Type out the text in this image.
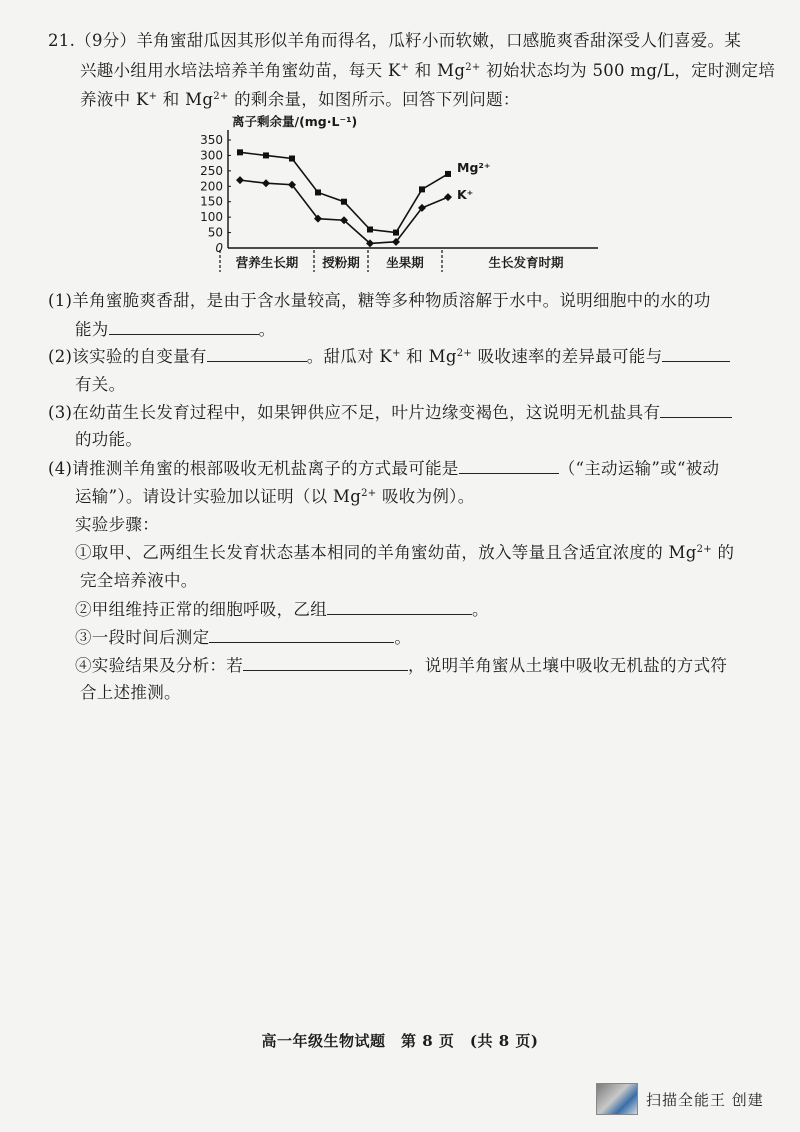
21.（9分）羊角蜜甜瓜因其形似羊角而得名，瓜籽小而软嫩，口感脆爽香甜深受人们喜爱。某
兴趣小组用水培法培养羊角蜜幼苗，每天 K+ 和 $Mg^{2+}$ 初始状态均为 500 mg/L，定时测定培
养液中 K+ 和 $Mg^{2+}$ 的剩余量，如图所示。回答下列问题：
离子剩余量/(mg·L⁻¹)
350
300
250
200
150
100
50
0
Mg²⁺
K⁺
营养生长期 授粉期 坐果期	生长发育时期
(1)羊角蜜脆爽香甜，是由于含水量较高，糖等多种物质溶解于水中。说明细胞中的水的功
能为	。
(2)该实验的自变量有	。甜瓜对 K+ 和 $Mg^{2+}$ 吸收速率的差异最可能与
有关。
(3)在幼苗生长发育过程中，如果钾供应不足，叶片边缘变褐色，这说明无机盐具有
的功能。
(4)请推测羊角蜜的根部吸收无机盐离子的方式最可能是	（“主动运输”或“被动
运输”）。请设计实验加以证明（以 $Mg^{2+}$ 吸收为例）。
实验步骤：
①取甲、乙两组生长发育状态基本相同的羊角蜜幼苗，放入等量且含适宜浓度的 $Mg^{2+}$ 的
完全培养液中。
②甲组维持正常的细胞呼吸，乙组	。
③一段时间后测定	。
④实验结果及分析：若	，说明羊角蜜从土壤中吸收无机盐的方式符
合上述推测。
高一年级生物试题　第 8 页　(共 8 页)
扫描全能王 创建
